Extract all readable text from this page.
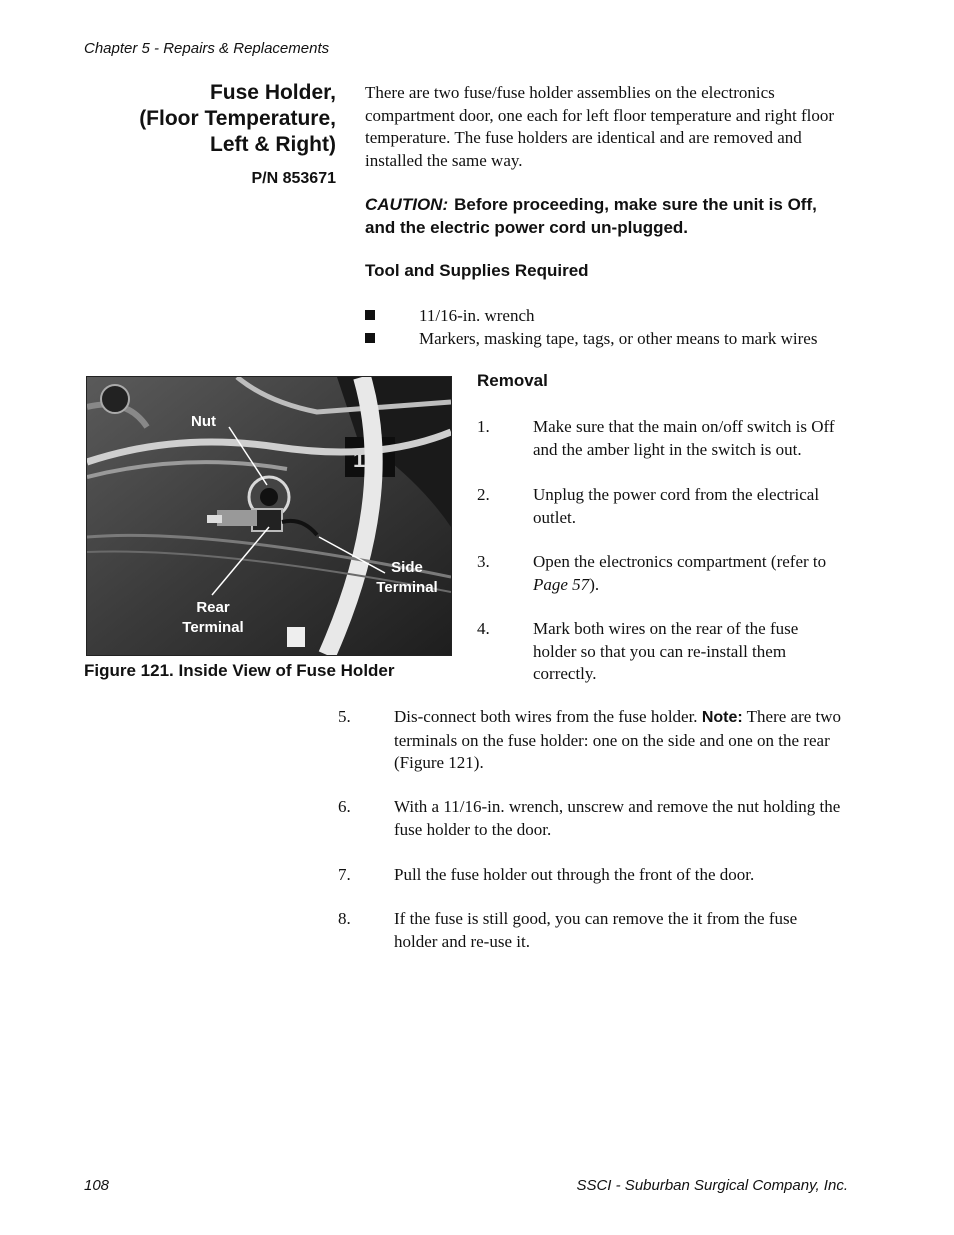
Chapter 5 - Repairs & Replacements
Fuse Holder,
(Floor Temperature,
Left & Right)
P/N 853671
There are two fuse/fuse holder assemblies on the electronics compartment door, one each for left floor temperature and right floor temperature. The fuse holders are identical and are removed and installed the same way.
CAUTION: Before proceeding, make sure the unit is Off, and the electric power cord un-plugged.
Tool and Supplies Required
11/16-in. wrench
Markers, masking tape, tags, or other means to mark wires
18
Nut
Side
Terminal
Rear
Terminal
Figure 121. Inside View of Fuse Holder
Removal
1.	Make sure that the main on/off switch is Off and the amber light in the switch is out.
2.	Unplug the power cord from the electrical outlet.
3.	Open the electronics compartment (refer to Page 57).
4.	Mark both wires on the rear of the fuse holder so that you can re-install them correctly.
5.	Dis-connect both wires from the fuse holder. Note: There are two terminals on the fuse holder: one on the side and one on the rear (Figure 121).
6.	With a 11/16-in. wrench, unscrew and remove the nut holding the fuse holder to the door.
7.	Pull the fuse holder out through the front of the door.
8.	If the fuse is still good, you can remove the it from the fuse holder and re-use it.
108	SSCI - Suburban Surgical Company, Inc.
